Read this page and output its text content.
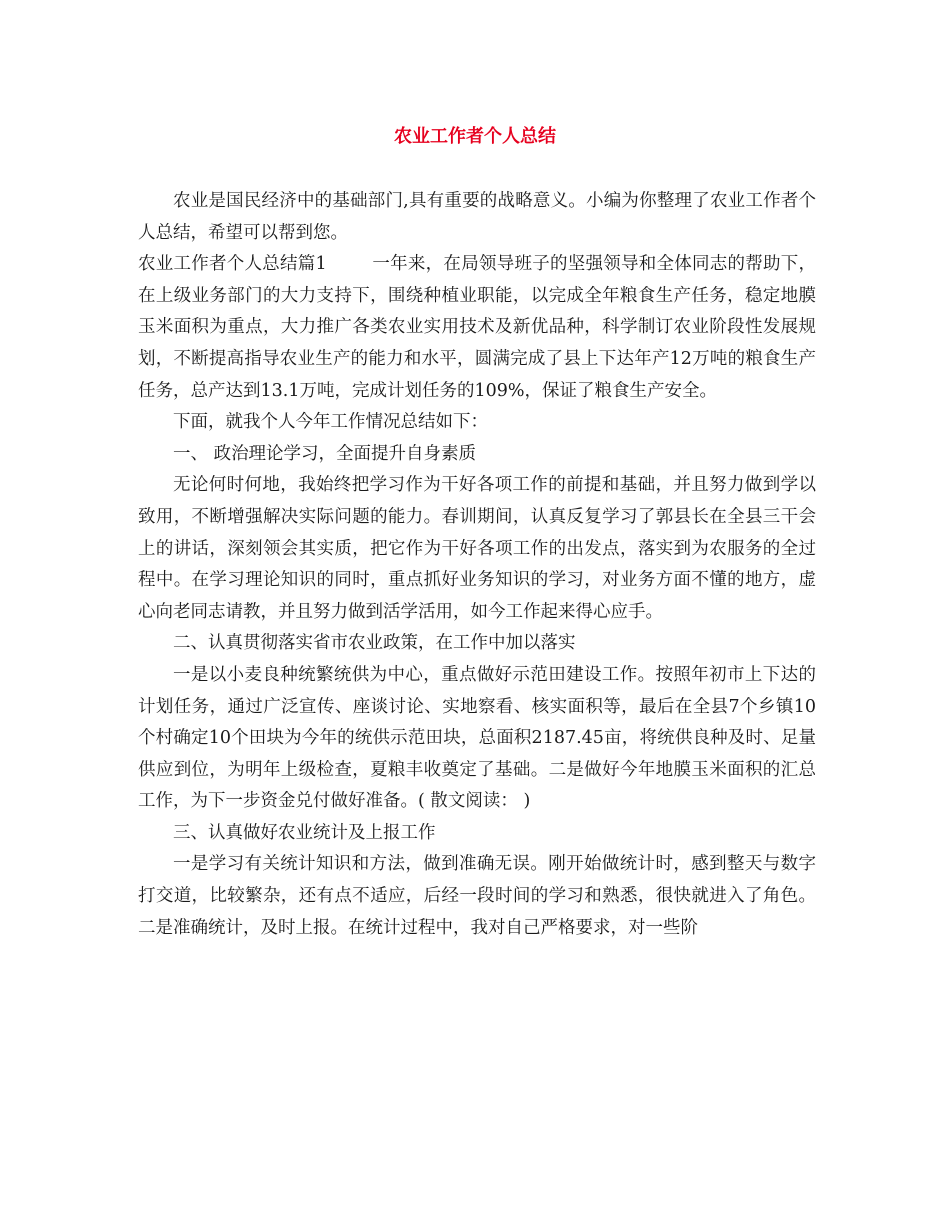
农业工作者个人总结

农业是国民经济中的基础部门,具有重要的战略意义。小编为你整理了农业工作者个人总结，希望可以帮到您。

农业工作者个人总结篇1	一年来，在局领导班子的坚强领导和全体同志的帮助下，在上级业务部门的大力支持下，围绕种植业职能，以完成全年粮食生产任务，稳定地膜玉米面积为重点，大力推广各类农业实用技术及新优品种，科学制订农业阶段性发展规划，不断提高指导农业生产的能力和水平，圆满完成了县上下达年产12万吨的粮食生产任务，总产达到13.1万吨，完成计划任务的109%，保证了粮食生产安全。

下面，就我个人今年工作情况总结如下：

一、 政治理论学习，全面提升自身素质

无论何时何地，我始终把学习作为干好各项工作的前提和基础，并且努力做到学以致用，不断增强解决实际问题的能力。春训期间，认真反复学习了郭县长在全县三干会上的讲话，深刻领会其实质，把它作为干好各项工作的出发点，落实到为农服务的全过程中。在学习理论知识的同时，重点抓好业务知识的学习，对业务方面不懂的地方，虚心向老同志请教，并且努力做到活学活用，如今工作起来得心应手。

二、认真贯彻落实省市农业政策，在工作中加以落实

一是以小麦良种统繁统供为中心，重点做好示范田建设工作。按照年初市上下达的计划任务，通过广泛宣传、座谈讨论、实地察看、核实面积等，最后在全县7个乡镇10个村确定10个田块为今年的统供示范田块，总面积2187.45亩，将统供良种及时、足量供应到位，为明年上级检查，夏粮丰收奠定了基础。二是做好今年地膜玉米面积的汇总工作，为下一步资金兑付做好准备。( 散文阅读： )

三、认真做好农业统计及上报工作

一是学习有关统计知识和方法，做到准确无误。刚开始做统计时，感到整天与数字打交道，比较繁杂，还有点不适应，后经一段时间的学习和熟悉，很快就进入了角色。二是准确统计，及时上报。在统计过程中，我对自己严格要求，对一些阶
